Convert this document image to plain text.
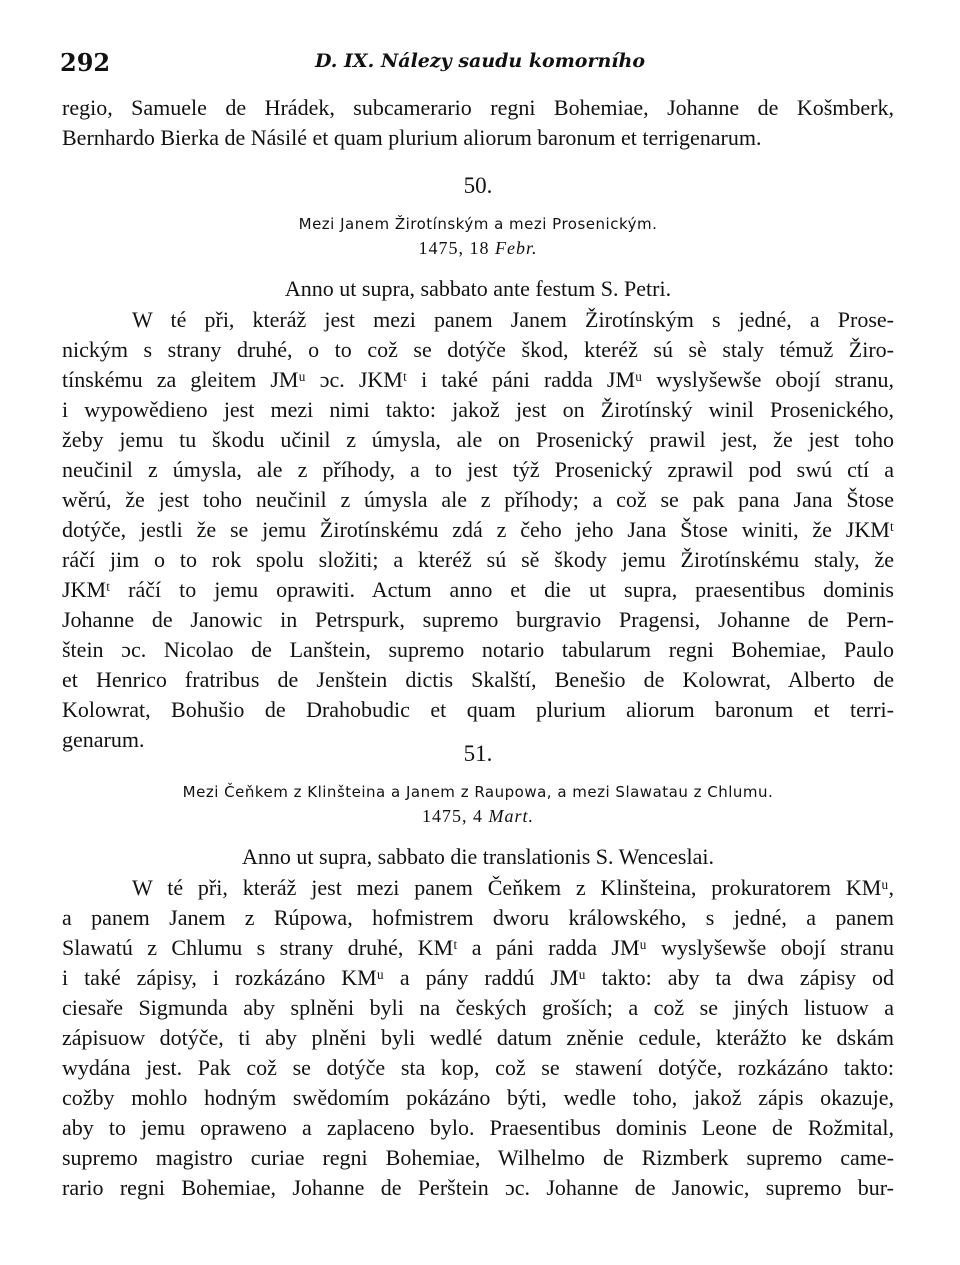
292	D. IX. Nálezy saudu komorního
regio, Samuele de Hrádek, subcamerario regni Bohemiae, Johanne de Košmberk,
Bernhardo Bierka de Násilé et quam plurium aliorum baronum et terrigenarum.
50.
Mezi Janem Žirotínským a mezi Prosenickým.
1475, 18 Febr.
Anno ut supra, sabbato ante festum S. Petri.
W té při, kteráž jest mezi panem Janem Žirotínským s jedné, a Prose-
nickým s strany druhé, o to což se dotýče škod, kteréž sú sè staly témuž Žiro-
tínskému za gleitem JMᵘ ɔc. JKMᵗ i také páni radda JMᵘ wyslyšewše obojí stranu,
i wypowědieno jest mezi nimi takto: jakož jest on Žirotínský winil Prosenického,
žeby jemu tu škodu učinil z úmysla, ale on Prosenický prawil jest, že jest toho
neučinil z úmysla, ale z příhody, a to jest týž Prosenický zprawil pod swú ctí a
wěrú, že jest toho neučinil z úmysla ale z příhody; a což se pak pana Jana Štose
dotýče, jestli že se jemu Žirotínskému zdá z čeho jeho Jana Štose winiti, že JKMᵗ
ráčí jim o to rok spolu složiti; a kteréž sú sě škody jemu Žirotínskému staly, že
JKMᵗ ráčí to jemu oprawiti. Actum anno et die ut supra, praesentibus dominis
Johanne de Janowic in Petrspurk, supremo burgravio Pragensi, Johanne de Pern-
štein ɔc. Nicolao de Lanštein, supremo notario tabularum regni Bohemiae, Paulo
et Henrico fratribus de Jenštein dictis Skalští, Benešio de Kolowrat, Alberto de
Kolowrat, Bohušio de Drahobudic et quam plurium aliorum baronum et terri-
genarum.
51.
Mezi Čeňkem z Klinšteina a Janem z Raupowa, a mezi Slawatau z Chlumu.
1475, 4 Mart.
Anno ut supra, sabbato die translationis S. Wenceslai.
W té při, kteráž jest mezi panem Čeňkem z Klinšteina, prokuratorem KMᵘ,
a panem Janem z Rúpowa, hofmistrem dworu králowského, s jedné, a panem
Slawatú z Chlumu s strany druhé, KMᵗ a páni radda JMᵘ wyslyšewše obojí stranu
i také zápisy, i rozkázáno KMᵘ a pány raddú JMᵘ takto: aby ta dwa zápisy od
ciesaře Sigmunda aby splněni byli na českých groších; a což se jiných listuow a
zápisuow dotýče, ti aby plněni byli wedlé datum zněnie cedule, kterážto ke dskám
wydána jest. Pak což se dotýče sta kop, což se stawení dotýče, rozkázáno takto:
cožby mohlo hodným swědomím pokázáno býti, wedle toho, jakož zápis okazuje,
aby to jemu oprawеno a zaplaceno bylo. Praesentibus dominis Leone de Rožmital,
supremo magistro curiae regni Bohemiae, Wilhelmo de Rizmberk supremo came-
rario regni Bohemiae, Johanne de Perštein ɔc. Johanne de Janowic, supremo bur-
